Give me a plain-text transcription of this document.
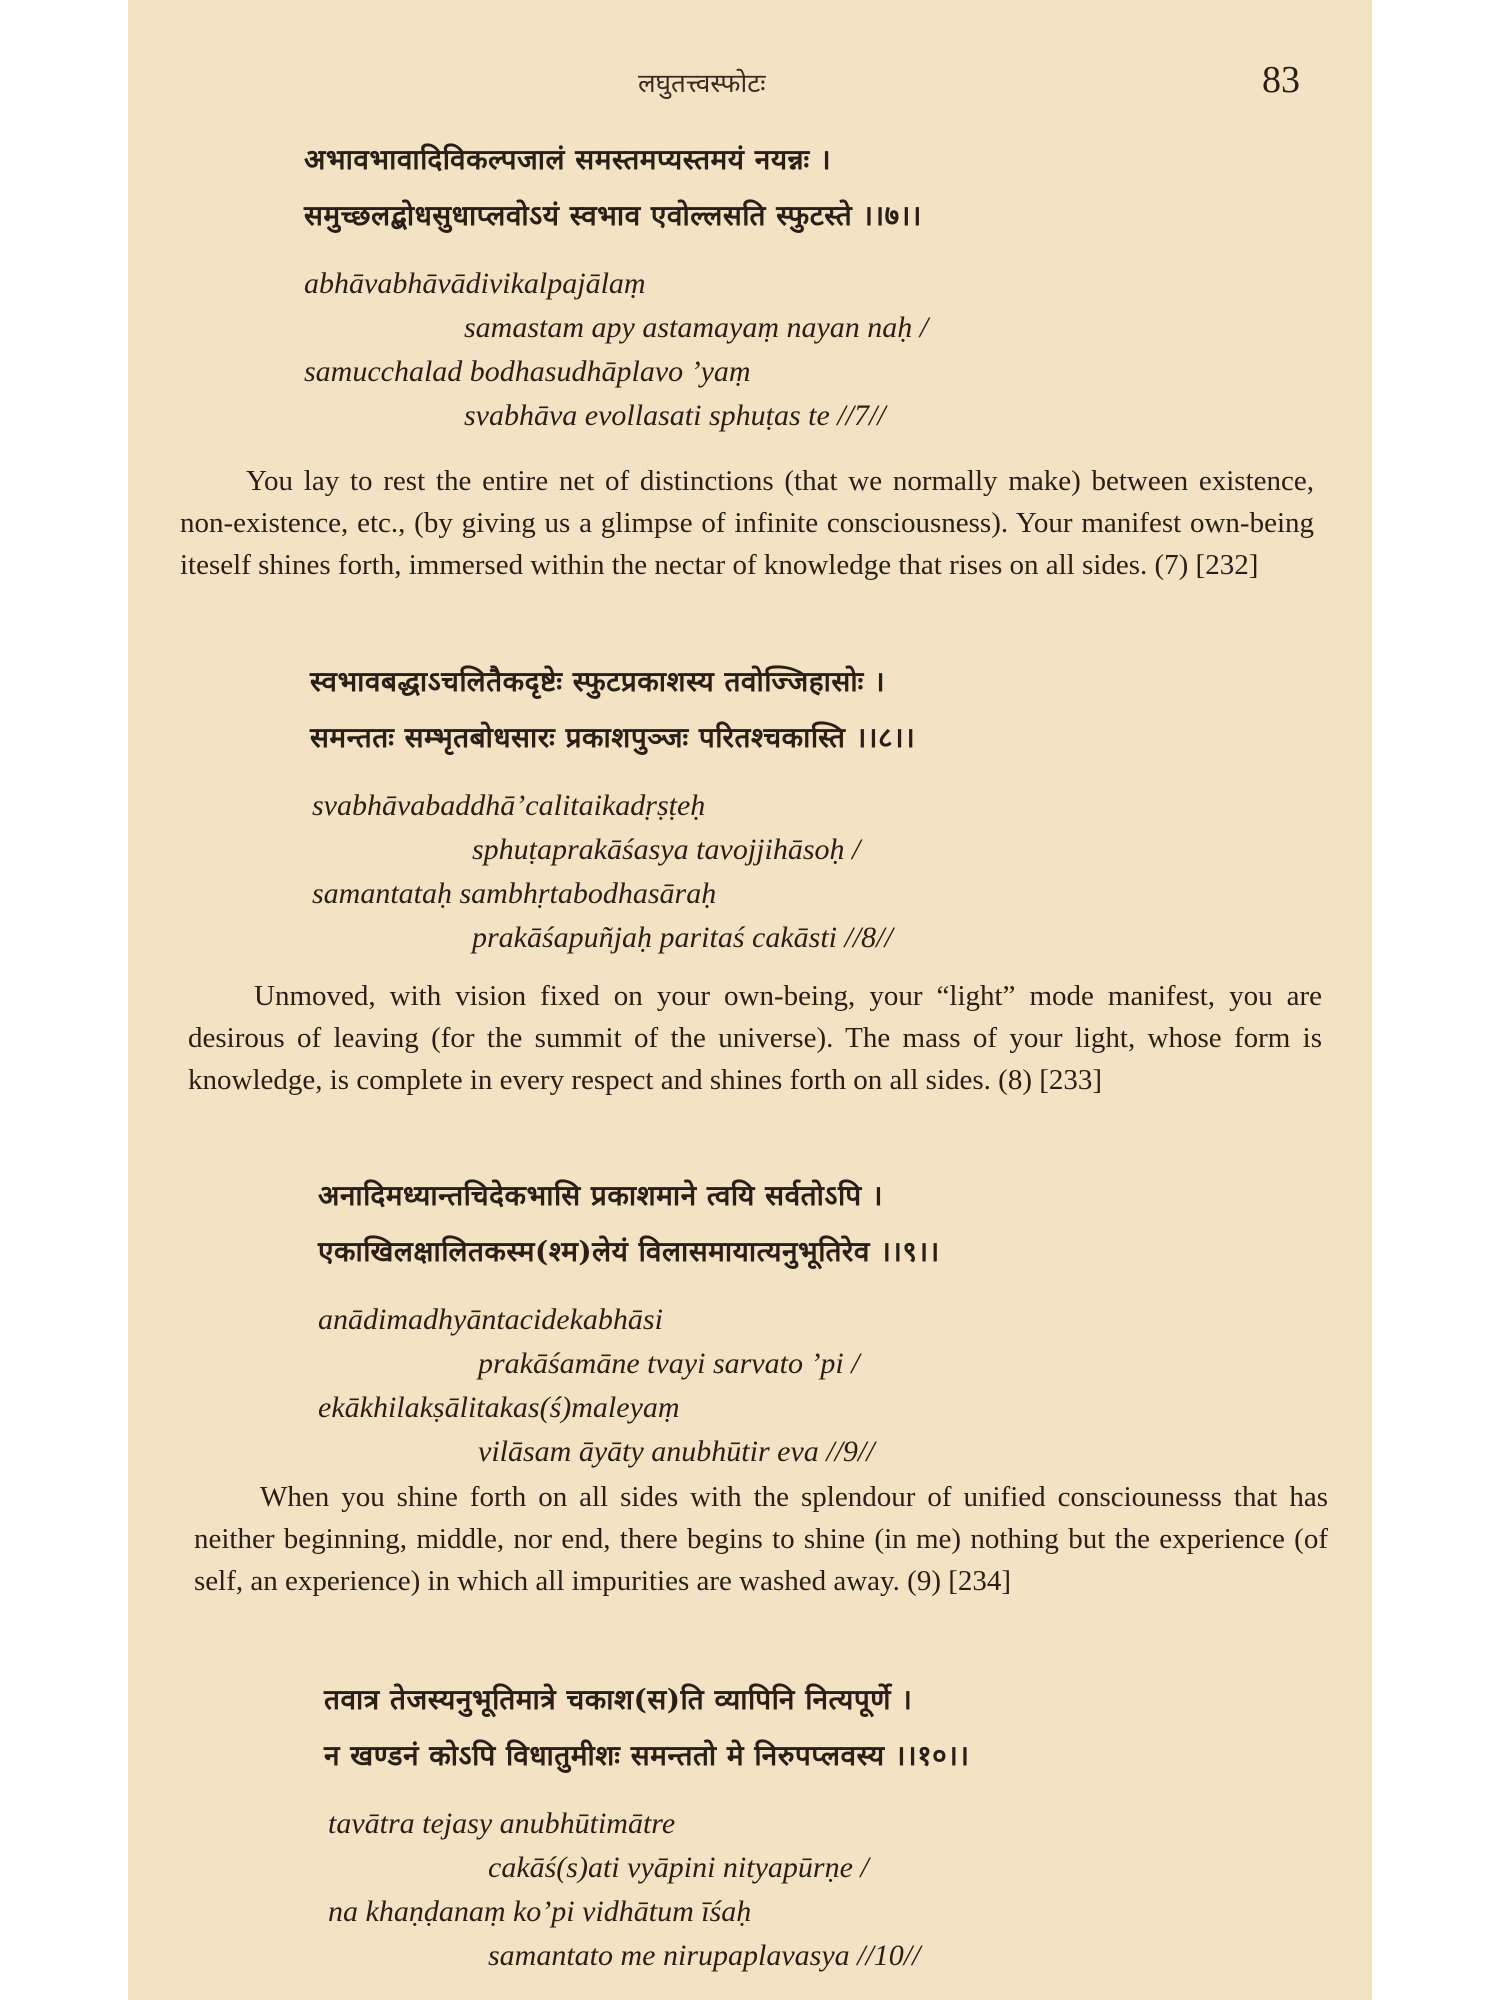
लघुतत्त्वस्फोटः	83

अभावभावादिविकल्पजालं समस्तमप्यस्तमयं नयन्नः ।

समुच्छलद्बोधसुधाप्लवोऽयं स्वभाव एवोल्लसति स्फुटस्ते ।।७।।

abhāvabhāvādivikalpajālaṃ

samastam apy astamayaṃ nayan naḥ /

samucchalad bodhasudhāplavo ’yaṃ

svabhāva evollasati sphuṭas te //7//

You lay to rest the entire net of distinctions (that we normally make) between existence, non-existence, etc., (by giving us a glimpse of infinite consciousness). Your manifest own-being iteself shines forth, immersed within the nectar of knowledge that rises on all sides. (7) [232]

स्वभावबद्धाऽचलितैकदृष्टेः स्फुटप्रकाशस्य तवोज्जिहासोः ।

समन्ततः सम्भृतबोधसारः प्रकाशपुञ्जः परितश्चकास्ति ।।८।।

svabhāvabaddhā’calitaikadṛṣṭeḥ

sphuṭaprakāśasya tavojjihāsoḥ /

samantataḥ sambhṛtabodhasāraḥ

prakāśapuñjaḥ paritaś cakāsti //8//

Unmoved, with vision fixed on your own-being, your “light” mode manifest, you are desirous of leaving (for the summit of the universe). The mass of your light, whose form is knowledge, is complete in every respect and shines forth on all sides. (8) [233]

अनादिमध्यान्तचिदेकभासि प्रकाशमाने त्वयि सर्वतोऽपि ।

एकाखिलक्षालितकस्म(श्म)लेयं विलासमायात्यनुभूतिरेव ।।९।।

anādimadhyāntacidekabhāsi

prakāśamāne tvayi sarvato ’pi /

ekākhilakṣālitakas(ś)maleyaṃ

vilāsam āyāty anubhūtir eva //9//

When you shine forth on all sides with the splendour of unified consciounesss that has neither beginning, middle, nor end, there begins to shine (in me) nothing but the experience (of self, an experience) in which all impurities are washed away. (9) [234]

तवात्र तेजस्यनुभूतिमात्रे चकाश(स)ति व्यापिनि नित्यपूर्णे ।

न खण्डनं कोऽपि विधातुमीशः समन्ततो मे निरुपप्लवस्य ।।१०।।

tavātra tejasy anubhūtimātre

cakāś(s)ati vyāpini nityapūrṇe /

na khaṇḍanaṃ ko’pi vidhātum īśaḥ

samantato me nirupaplavasya //10//
